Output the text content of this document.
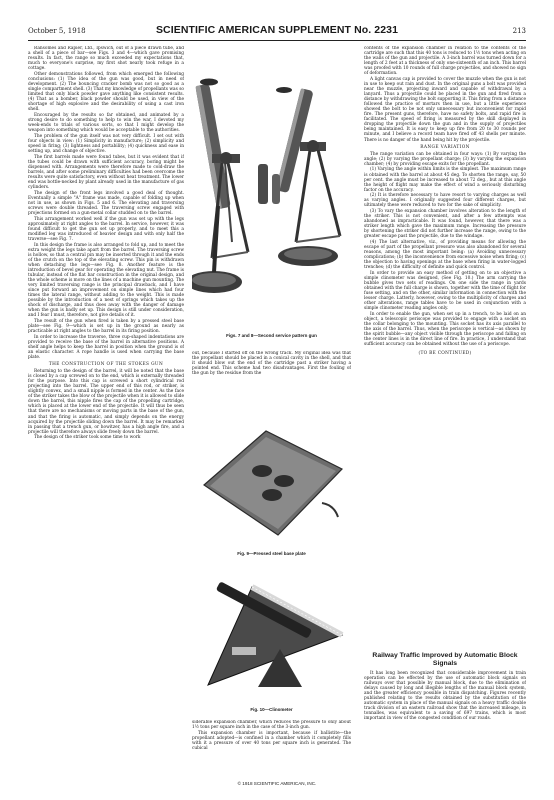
October 5, 1918	SCIENTIFIC AMERICAN SUPPLEMENT No. 2231	213

Ransomes and Rapier, Ltd., Ipswich, out of a piece drawn tube, and a shell of a piece of bar—see Figs. 3 and 4—which gave promising results. In fact, the range so much exceeded my expectations that, much to everyone's surprise, my first shot nearly took refuge in a cottage.

Other demonstrations followed, from which emerged the following conclusions: (1) The idea of the gun was good, but in need of development. (2) The bouncing cracker bomb was not so good as a single compartment shell. (3) That my knowledge of propellants was so limited that only black powder gave anything like consistent results. (4) That as a bomber, black powder should be used, in view of the shortage of high explosive and the desirability of using a cast iron shell.

Encouraged by the results so far obtained, and animated by a strong desire to do something to help to win the war, I devoted my week-ends to trials of various sorts, so that I might develop the weapon into something which would be acceptable to the authorities.

The problem of the gun itself was not very difficult. I set out with four objects in view: (1) Simplicity in manufacture; (2) simplicity and speed in firing; (3) lightness and portability; (4) quickness and ease in setting up, and change of objective.

The first barrels made were found tubes, but it was evident that if the tubes could be drawn with sufficient accuracy, boring might be dispensed with. Arrangements were therefore made to cold-draw the barrels, and after some preliminary difficulties had been overcome the results were quite satisfactory, even without heat treatment. The lower end was bottle-necked by plant already used in the manufacture of gas cylinders.

The design of the front legs involved a good deal of thought. Eventually a simple "A" frame was made, capable of folding up when not in use, as shown in Figs. 5 and 6. The elevating and traversing screws were double threaded. The traversing screw engaged with projections formed on a gun-metal collar studded on to the barrel.

This arrangement worked well if the gun was set up with the legs approximately at right angles to the barrel. In service, however, it was found difficult to get the gun set up properly, and to meet this a modified leg was introduced of heavier design and with only half the traverse—see Fig. 7.

In this design the frame is also arranged to fold up, and to meet the extra weight the legs take apart from the barrel. The traversing screw is hollow, so that a central pin may be inserted through it and the ends of the crutch on the top of the elevating screw. This pin is withdrawn when detaching the legs—see Fig. 8. Another feature is the introduction of bevel gear for operating the elevating nut. The frame is tubular, instead of the flat bar construction in the original design, and the whole scheme is more on the lines of a machine gun mounting. The very limited traversing range is the principal drawback, and I have since put forward an improvement on simple lines which had four times the lateral range, without adding to the weight. This is made possible by the introduction of a nest of springs which takes up the shock of discharge, and thus does away with the danger of damage when the gun is badly set up. This design is still under consideration, and I fear I must, therefore, not give details of it.

The result of the gun when fired is taken by a pressed steel base plate—see Fig. 9—which is set up in the ground as nearly as practicable at right angles to the barrel in its firing position.

In order to increase the traverse, three cup-shaped indentations are provided to receive the base of the barrel in alternative positions. A shelf angle helps to keep the barrel in position when the ground is of an elastic character. A rope handle is used when carrying the base plate.

THE CONSTRUCTION OF THE STOKES GUN

Returning to the design of the barrel, it will be noted that the base is closed by a cap screwed on to the end, which is externally threaded for the purpose. Into this cap is screwed a short cylindrical rod projecting into the barrel. The upper end of this rod, or striker, is slightly convex, and a small nipple is formed in the center. As the face of the striker takes the blow of the projectile when it is allowed to slide down the barrel, this nipple fires the cap of the propelling cartridge, which is placed at the lower end of the projectile. It will thus be seen that there are no mechanisms or moving parts in the base of the gun, and that the firing is automatic, and simply depends on the energy acquired by the projectile sliding down the barrel. It may be remarked in passing that a trench gun, or howitzer, has a high angle fire, and a projectile will therefore always slide freely down the barrel.

The design of the striker took some time to work

Figs. 7 and 8—Second service pattern gun

out, because I started off on the wrong track. My original idea was that the propellant should be placed in a conical cavity in the shell, and that it should blow out the end of the cartridge past a striker having a pointed end. This scheme had two disadvantages. First the fouling of the gun by the residue from the

Fig. 9—Pressed steel base plate
Fig. 10—Clinometer

siderable expansion chamber, which reduces the pressure to only about 1½ tons per square inch in the case of the 3-inch gun.

This expansion chamber is important, because if ballistite—the propellant adopted—is confined in a chamber which it completely fills with it a pressure of over 40 tons per square inch is generated. The cubical

contents of the expansion chamber in relation to the contents of the cartridge are such that this 40 tons is reduced to 1½ tons when acting on the walls of the gun and projectile. A 3-inch barrel was turned down for a length of 2 feet at a thickness of only one-sixteenth of an inch. This barrel was proofed with 10 rounds of full charge projectiles, and showed no sign of deformation.

A light canvas cap is provided to cover the muzzle when the gun is not in use to keep out rain and dust. In the original guns a bolt was provided near the muzzle, projecting inward and capable of withdrawal by a lanyard. Thus a projectile could be placed in the gun and fired from a distance by withdrawing the bolt supporting it. This firing from a distance followed the practice of mortars then in use, but a little experience showed the bolt to be not only unnecessary but inconvenient for rapid fire. The present guns, therefore, have no safety bolts, and rapid fire is facilitated. The speed of firing is measured by the skill displayed in dropping the projectile down the gun and in the supply of projectiles being maintained. It is easy to keep up fire from 20 to 30 rounds per minute, and I believe a record team have fired off 43 shells per minute. There is no danger of the hand being hit by the projectile.

RANGE VARIATION

The range variation can be obtained in four ways: (1) By varying the angle; (2) by varying the propellant charge; (3) by varying the expansion chamber; (4) by providing escape exits for the propellant.

(1) Varying the angle within limits is the simplest. The maximum range is obtained with the barrel at about 45 deg. To shorten the range, say, 50 per cent. the angle must be increased to about 72 deg., but at this angle the height of flight may make the effect of wind a seriously disturbing factor on the accuracy.

(2) It is therefore necessary to have resort to varying charges as well as varying angles. I originally suggested four different charges, but ultimately these were reduced to two for the sake of simplicity.

(3) To vary the expansion chamber involves alteration to the length of the striker. This is not convenient, and after a few attempts was abandoned as impracticable. It was found, however, that there was a striker length which gave the maximum range. Increasing the pressure by shortening the striker did not further increase the range, owing to the greater escape past the projectile, due to the windage.

(4) The last alternative, viz., of providing means for allowing the escape of part of the propellant pressure was also abandoned for several reasons, among the most important being: (a) Avoiding unnecessary complications; (b) the inconvenience from excessive noise when firing; (c) the objection to having openings at the base when firing in water-logged trenches; (d) the difficulty of definite and quick control.

In order to provide an easy method of getting on to an objective a simple clinometer was designed, (See Fig. 10.) The arm carrying the bubble gives two sets of readings. On one side the range in yards obtained with the full charge is shown, together with the time of flight for fuse setting, and on the other, similar information in connection with the lesser charge. Latterly, however, owing to the multiplicity of charges and other alterations, range tables have to be used in conjunction with a simple clinometer reading angles only.

In order to enable the gun, when set up in a trench, to be laid on an object, a telescopic periscope was provided to engage with a socket on the collar belonging to the mounting. This socket has its axis parallel to the axis of the barrel. Thus, when the periscope is vertical—as shown by the spirit bubble—any object visible through the periscope and falling on the center lines is in the direct line of fire. In practice, I understand that sufficient accuracy can be obtained without the use of a periscope.

(TO BE CONTINUED)
Railway Traffic Improved by Automatic Block Signals

It has long been recognized that considerable improvement in train operation can be effected by the use of automatic block signals on railways over that possible by manual block, due to the elimination of delays caused by long and illegible lengths of the manual block system, and the greater efficiency possible in train dispatching. Figures recently published relating to the results obtained by the substitution of the automatic system in place of the manual signals on a heavy traffic double track division of an eastern railroad show that the increased mileage, in tonnalles, was equivalent to a saving of 697 trains, which is most important in view of the congested condition of our roads.

© 1918 SCIENTIFIC AMERICAN, INC.
